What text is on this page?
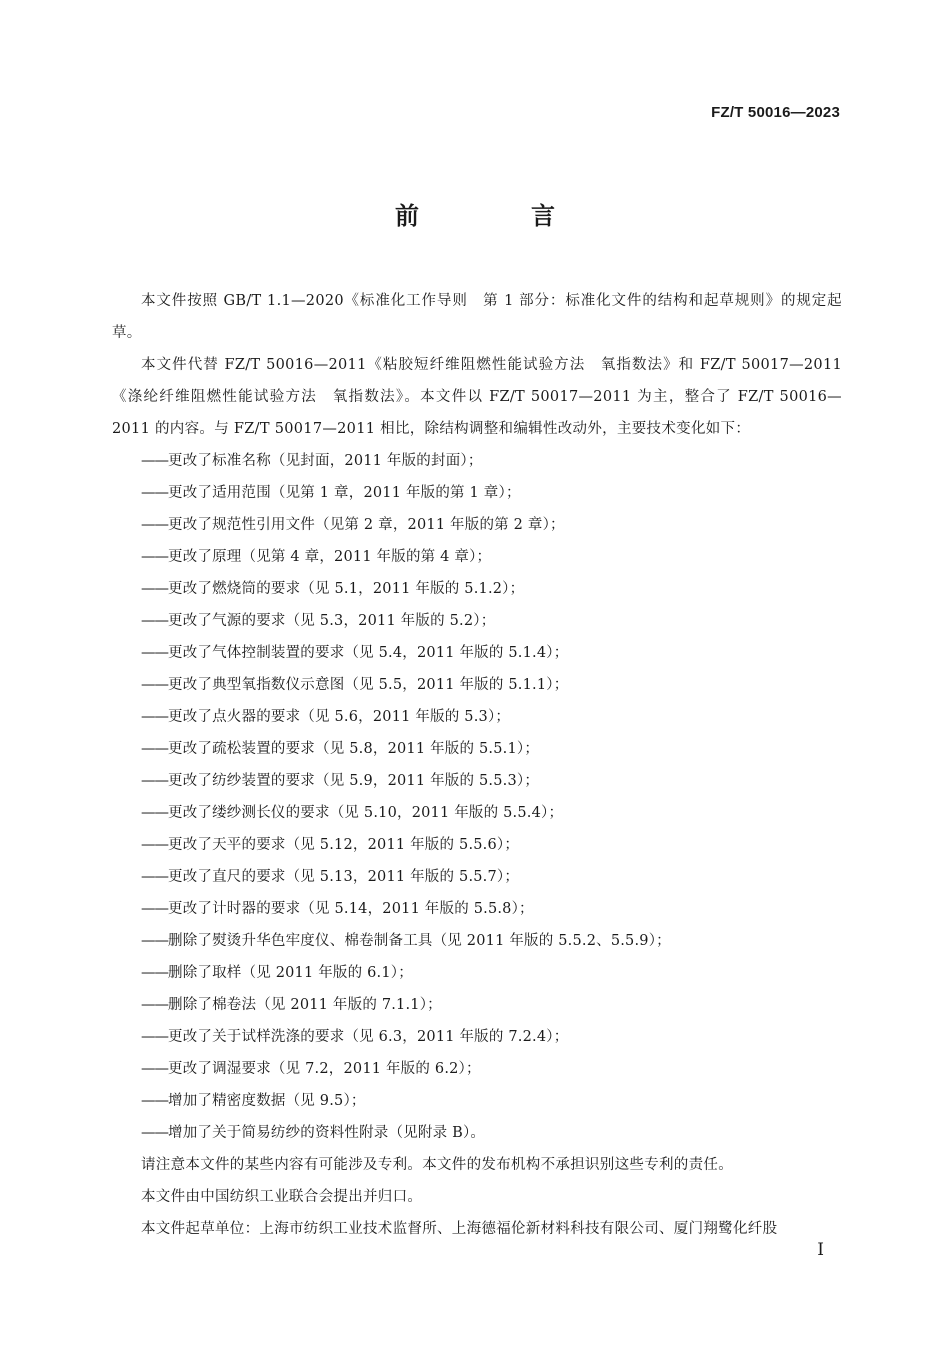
FZ/T 50016—2023
前　言

本文件按照 GB/T 1.1—2020《标准化工作导则　第 1 部分：标准化文件的结构和起草规则》的规定起草。

本文件代替 FZ/T 50016—2011《粘胶短纤维阻燃性能试验方法　氧指数法》和 FZ/T 50017—2011《涤纶纤维阻燃性能试验方法　氧指数法》。本文件以 FZ/T 50017—2011 为主，整合了 FZ/T 50016—2011 的内容。与 FZ/T 50017—2011 相比，除结构调整和编辑性改动外，主要技术变化如下：

——更改了标准名称（见封面，2011 年版的封面）；
——更改了适用范围（见第 1 章，2011 年版的第 1 章）；
——更改了规范性引用文件（见第 2 章，2011 年版的第 2 章）；
——更改了原理（见第 4 章，2011 年版的第 4 章）；
——更改了燃烧筒的要求（见 5.1，2011 年版的 5.1.2）；
——更改了气源的要求（见 5.3，2011 年版的 5.2）；
——更改了气体控制装置的要求（见 5.4，2011 年版的 5.1.4）；
——更改了典型氧指数仪示意图（见 5.5，2011 年版的 5.1.1）；
——更改了点火器的要求（见 5.6，2011 年版的 5.3）；
——更改了疏松装置的要求（见 5.8，2011 年版的 5.5.1）；
——更改了纺纱装置的要求（见 5.9，2011 年版的 5.5.3）；
——更改了缕纱测长仪的要求（见 5.10，2011 年版的 5.5.4）；
——更改了天平的要求（见 5.12，2011 年版的 5.5.6）；
——更改了直尺的要求（见 5.13，2011 年版的 5.5.7）；
——更改了计时器的要求（见 5.14，2011 年版的 5.5.8）；
——删除了熨烫升华色牢度仪、棉卷制备工具（见 2011 年版的 5.5.2、5.5.9）；
——删除了取样（见 2011 年版的 6.1）；
——删除了棉卷法（见 2011 年版的 7.1.1）；
——更改了关于试样洗涤的要求（见 6.3，2011 年版的 7.2.4）；
——更改了调湿要求（见 7.2，2011 年版的 6.2）；
——增加了精密度数据（见 9.5）；
——增加了关于简易纺纱的资料性附录（见附录 B）。

请注意本文件的某些内容有可能涉及专利。本文件的发布机构不承担识别这些专利的责任。

本文件由中国纺织工业联合会提出并归口。

本文件起草单位：上海市纺织工业技术监督所、上海德福伦新材料科技有限公司、厦门翔鹭化纤股

I
